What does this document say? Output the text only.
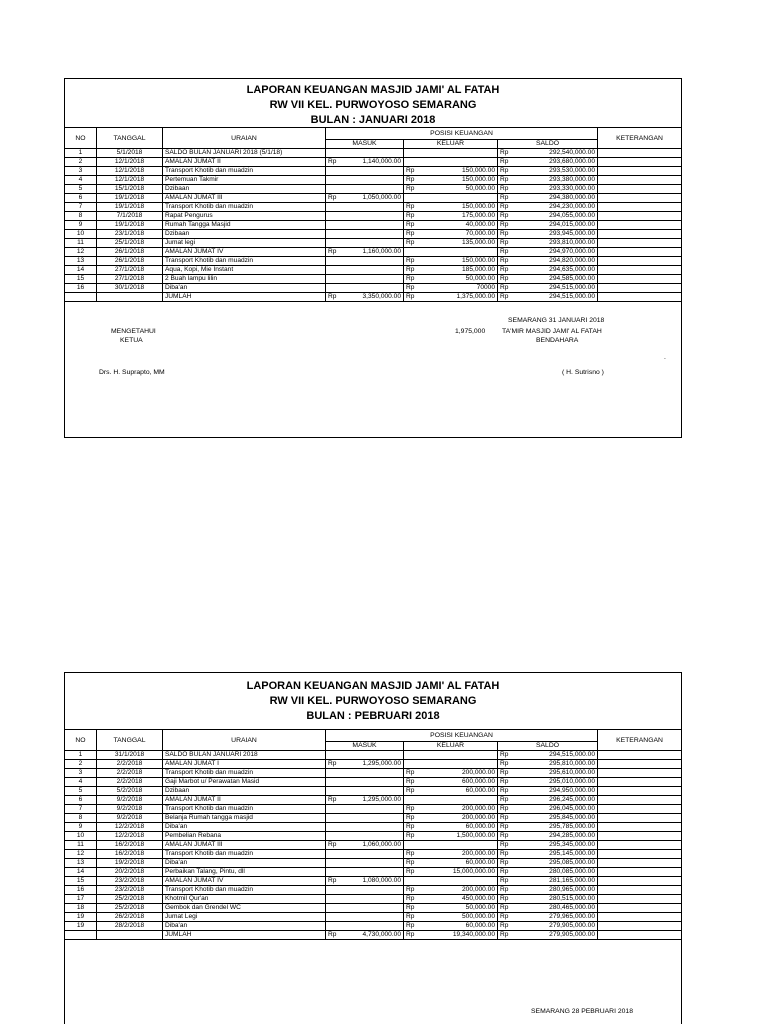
LAPORAN KEUANGAN MASJID JAMI' AL FATAH
RW VII KEL. PURWOYOSO SEMARANG
BULAN : JANUARI 2018
NO	TANGGAL	URAIAN	POSISI KEUANGAN						KETERANGAN
			MASUK		KELUAR		SALDO		
1	5/1/2018	SALDO BULAN JANUARI 2018 (5/1/18)					Rp	292,540,000.00	
2	12/1/2018	AMALAN JUMAT II	Rp	1,140,000.00			Rp	293,680,000.00	
3	12/1/2018	Transport Khotib dan muadzin			Rp	150,000.00	Rp	293,530,000.00	
4	12/1/2018	Pertemuan Takmir			Rp	150,000.00	Rp	293,380,000.00	
5	15/1/2018	Dzibaan			Rp	50,000.00	Rp	293,330,000.00	
6	19/1/2018	AMALAN JUMAT III	Rp	1,050,000.00			Rp	294,380,000.00	
7	19/1/2018	Transport Khotib dan muadzin			Rp	150,000.00	Rp	294,230,000.00	
8	7/1/2018	Rapat Pengurus			Rp	175,000.00	Rp	294,055,000.00	
9	19/1/2018	Rumah Tangga Masjid			Rp	40,000.00	Rp	294,015,000.00	
10	23/1/2018	Dzibaan			Rp	70,000.00	Rp	293,945,000.00	
11	25/1/2018	Jumat legi			Rp	135,000.00	Rp	293,810,000.00	
12	26/1/2018	AMALAN JUMAT IV	Rp	1,160,000.00			Rp	294,970,000.00	
13	26/1/2018	Transport Khotib dan muadzin			Rp	150,000.00	Rp	294,820,000.00	
14	27/1/2018	Aqua, Kopi, Mie Instant			Rp	185,000.00	Rp	294,635,000.00	
15	27/1/2018	2 Buah lampu lilin			Rp	50,000.00	Rp	294,585,000.00	
16	30/1/2018	Diba'an			Rp	70000	Rp	294,515,000.00	
		JUMLAH	Rp	3,350,000.00	Rp	1,375,000.00	Rp	294,515,000.00	
SEMARANG 31 JANUARI 2018
MENGETAHUI	1,975,000 TA'MIR MASJID JAMI' AL FATAH
KETUA	BENDAHARA
.
Drs. H. Suprapto, MM	( H. Sutrisno )
LAPORAN KEUANGAN MASJID JAMI' AL FATAH
RW VII KEL. PURWOYOSO SEMARANG
BULAN : PEBRUARI 2018
NO	TANGGAL	URAIAN	POSISI KEUANGAN						KETERANGAN
			MASUK		KELUAR		SALDO		
1	31/1/2018	SALDO BULAN JANUARI 2018					Rp	294,515,000.00	
2	2/2/2018	AMALAN JUMAT I	Rp	1,295,000.00			Rp	295,810,000.00	
3	2/2/2018	Transport Khotib dan muadzin			Rp	200,000.00	Rp	295,610,000.00	
4	2/2/2018	Gaji Marbot u/ Perawatan Masid			Rp	600,000.00	Rp	295,010,000.00	
5	5/2/2018	Dzibaan			Rp	60,000.00	Rp	294,950,000.00	
6	9/2/2018	AMALAN JUMAT II	Rp	1,295,000.00			Rp	296,245,000.00	
7	9/2/2018	Transport Khotib dan muadzin			Rp	200,000.00	Rp	296,045,000.00	
8	9/2/2018	Belanja Rumah tangga masjid			Rp	200,000.00	Rp	295,845,000.00	
9	12/2/2018	Diba'an			Rp	60,000.00	Rp	295,785,000.00	
10	12/2/2018	Pembelian Rebana			Rp	1,500,000.00	Rp	294,285,000.00	
11	16/2/2018	AMALAN JUMAT III	Rp	1,060,000.00			Rp	295,345,000.00	
12	16/2/2018	Transport Khotib dan muadzin			Rp	200,000.00	Rp	295,145,000.00	
13	19/2/2018	Diba'an			Rp	60,000.00	Rp	295,085,000.00	
14	20/2/2018	Perbaikan Talang, Pintu, dll			Rp	15,000,000.00	Rp	280,085,000.00	
15	23/2/2018	AMALAN JUMAT IV	Rp	1,080,000.00			Rp	281,165,000.00	
16	23/2/2018	Transport Khotib dan muadzin			Rp	200,000.00	Rp	280,965,000.00	
17	25/2/2018	Khotmil Qur'an			Rp	450,000.00	Rp	280,515,000.00	
18	25/2/2018	Gembok dan Grendel WC			Rp	50,000.00	Rp	280,465,000.00	
19	26/2/2018	Jumat Legi			Rp	500,000.00	Rp	279,965,000.00	
19	28/2/2018	Diba'an			Rp	60,000.00	Rp	279,905,000.00	
		JUMLAH	Rp	4,730,000.00	Rp	19,340,000.00	Rp	279,905,000.00	
SEMARANG 28 PEBRUARI 2018
